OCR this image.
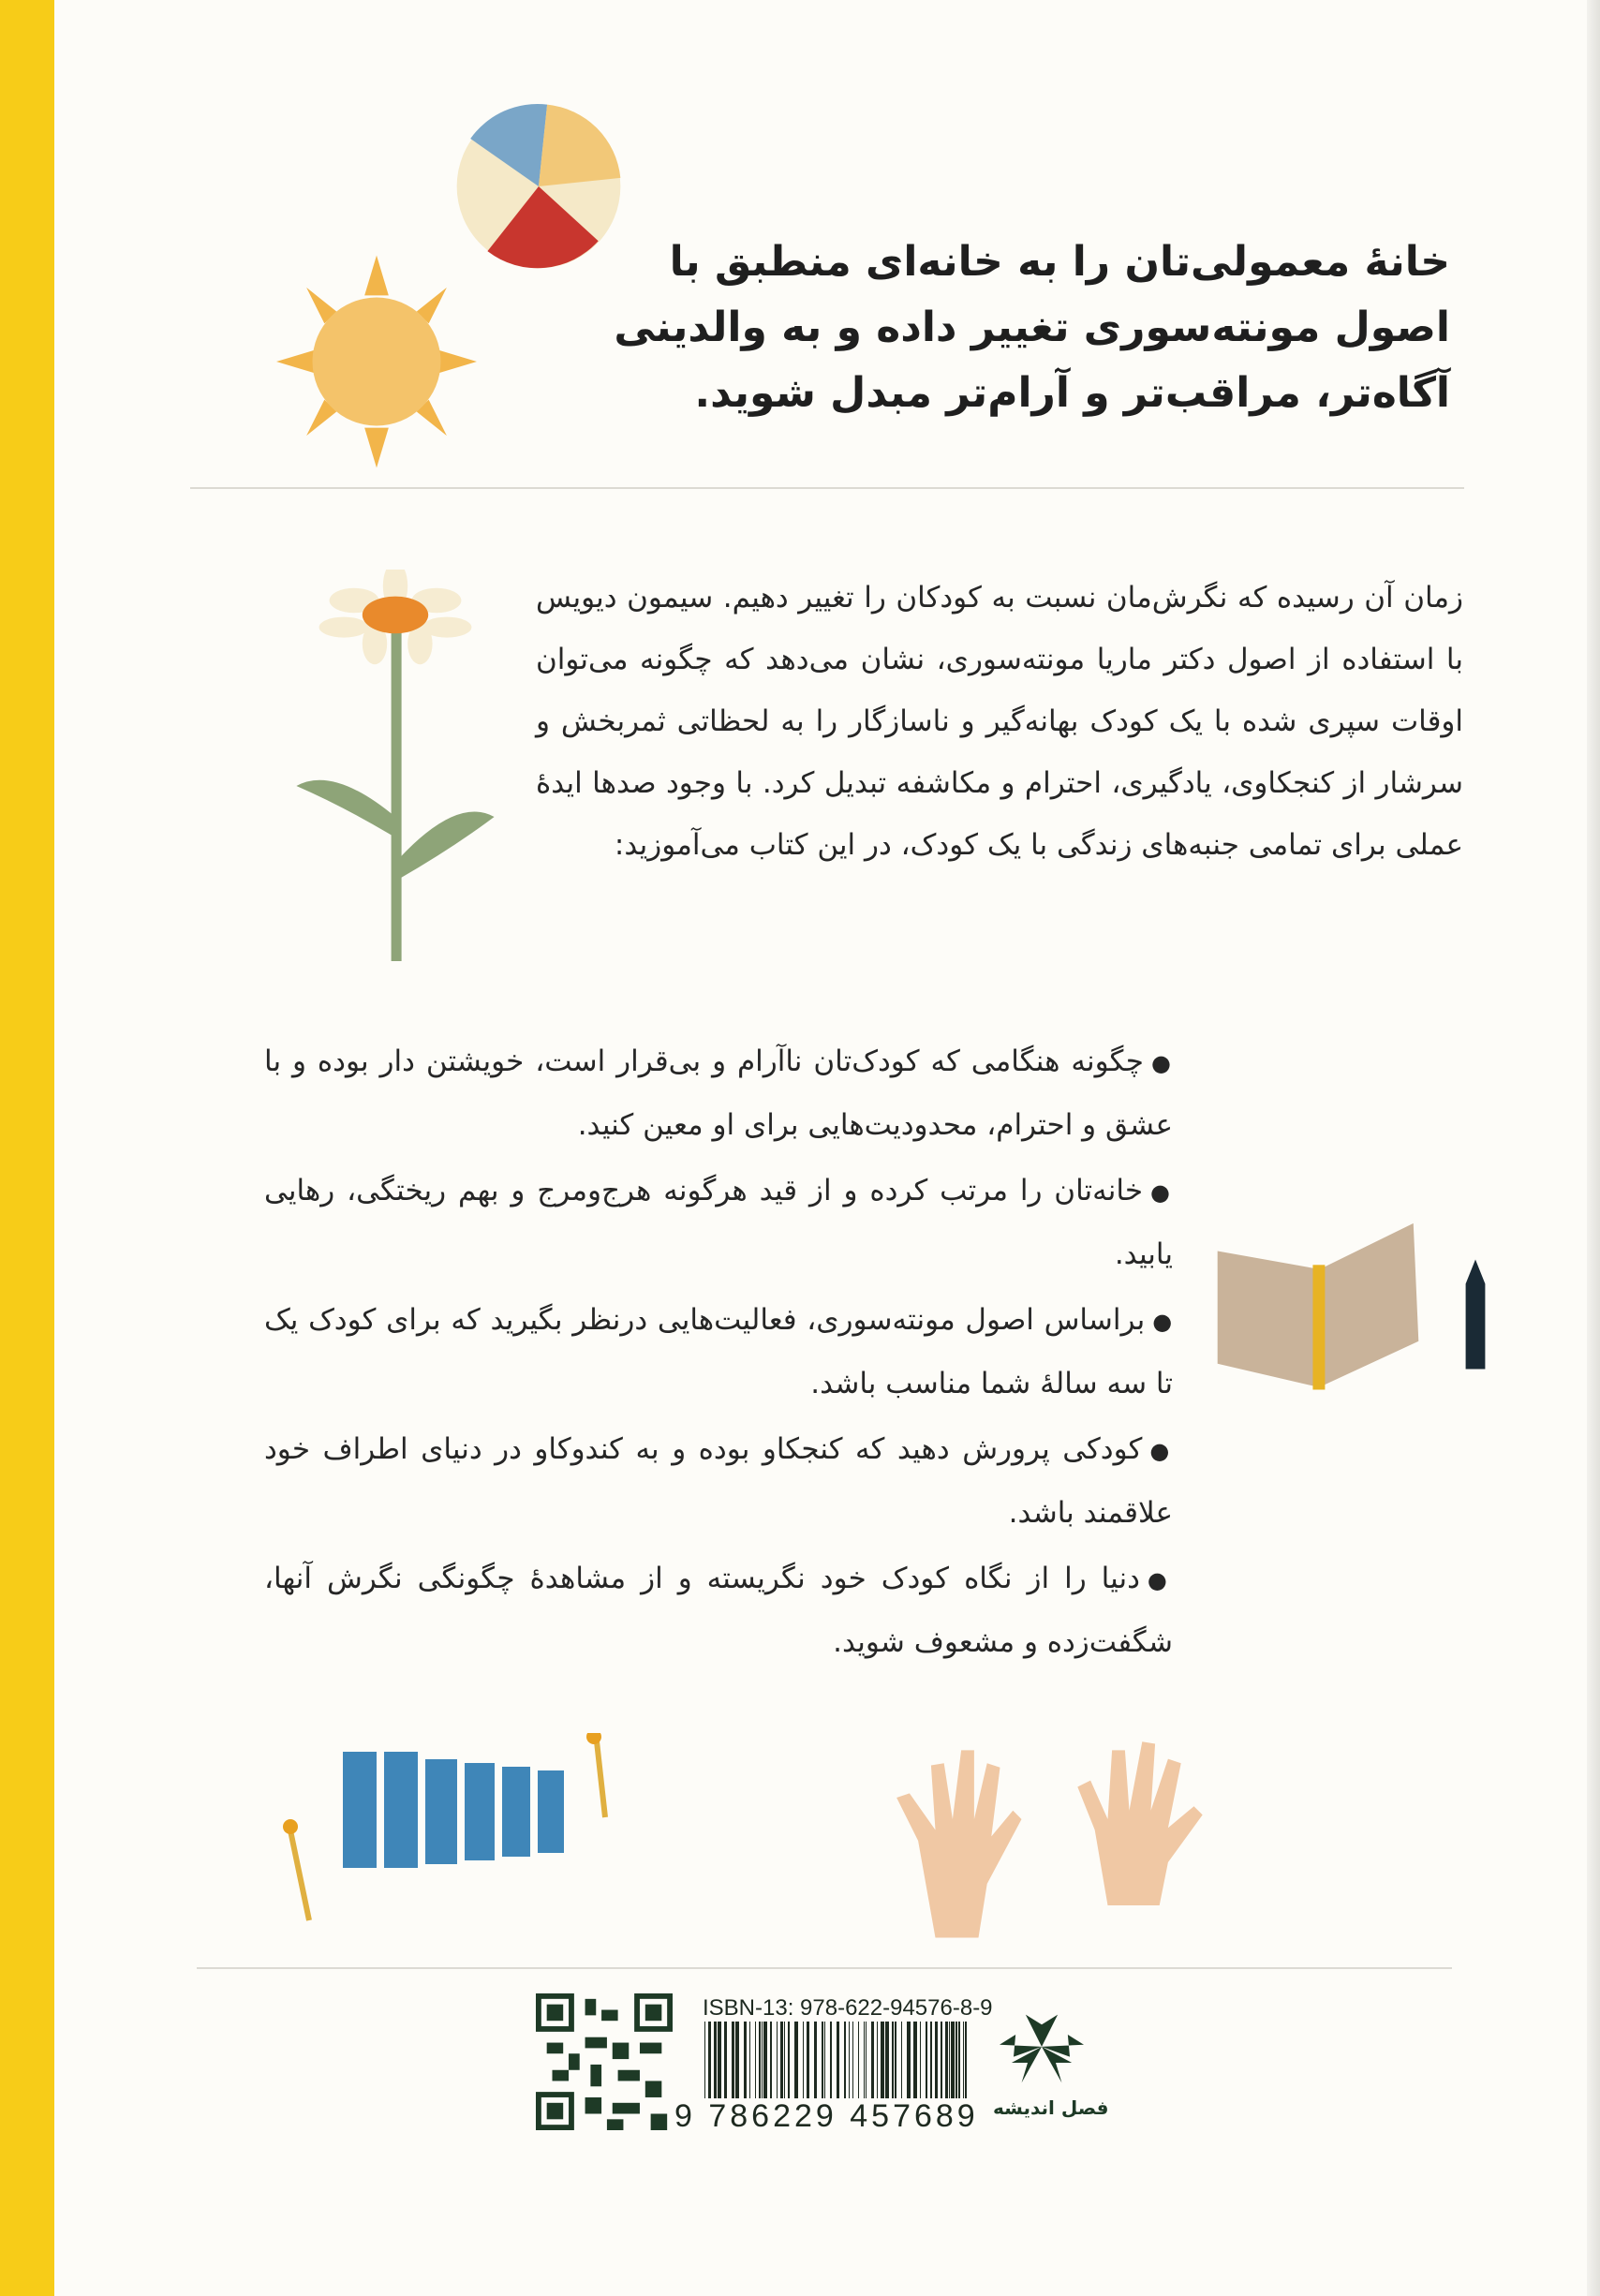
خانهٔ معمولی‌تان را به خانه‌ای منطبق با اصول مونته‌سوری تغییر داده و به والدینی آگاه‌تر، مراقب‌تر و آرام‌تر مبدل شوید.
زمان آن رسیده که نگرش‌مان نسبت به کودکان را تغییر دهیم. سیمون دیویس با استفاده از اصول دکتر ماریا مونته‌سوری، نشان می‌دهد که چگونه می‌توان اوقات سپری شده با یک کودک بهانه‌گیر و ناسازگار را به لحظاتی ثمربخش و سرشار از کنجکاوی، یادگیری، احترام و مکاشفه تبدیل کرد. با وجود صدها ایدهٔ عملی برای تمامی جنبه‌های زندگی با یک کودک، در این کتاب می‌آموزید:
● چگونه هنگامی که کودک‌تان ناآرام و بی‌قرار است، خویشتن دار بوده و با عشق و احترام، محدودیت‌هایی برای او معین کنید.
● خانه‌تان را مرتب کرده و از قید هرگونه هرج‌ومرج و بهم ریختگی، رهایی یابید.
● براساس اصول مونته‌سوری، فعالیت‌هایی درنظر بگیرید که برای کودک یک تا سه سالهٔ شما مناسب باشد.
● کودکی پرورش دهید که کنجکاو بوده و به کندوکاو در دنیای اطراف خود علاقمند باشد.
● دنیا را از نگاه کودک خود نگریسته و از مشاهدهٔ چگونگی نگرش آنها، شگفت‌زده و مشعوف شوید.
ISBN-13: 978-622-94576-8-9
9 786229 457689 فصل اندیشه
